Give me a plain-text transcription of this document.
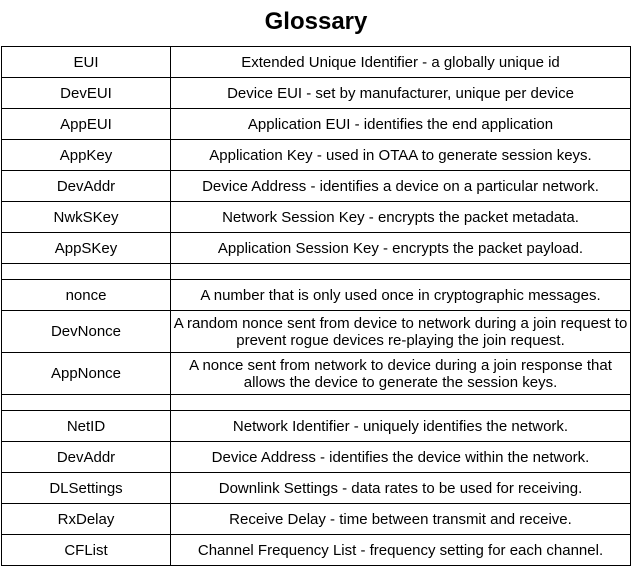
Glossary
EUI	Extended Unique Identifier - a globally unique id
DevEUI	Device EUI - set by manufacturer, unique per device
AppEUI	Application EUI - identifies the end application
AppKey	Application Key - used in OTAA to generate session keys.
DevAddr	Device Address - identifies a device on a particular network.
NwkSKey	Network Session Key - encrypts the packet metadata.
AppSKey	Application Session Key - encrypts the packet payload.

nonce	A number that is only used once in cryptographic messages.
DevNonce	A random nonce sent from device to network during a join request to prevent rogue devices re-playing the join request.
AppNonce	A nonce sent from network to device during a join response that allows the device to generate the session keys.

NetID	Network Identifier - uniquely identifies the network.
DevAddr	Device Address - identifies the device within the network.
DLSettings	Downlink Settings - data rates to be used for receiving.
RxDelay	Receive Delay - time between transmit and receive.
CFList	Channel Frequency List - frequency setting for each channel.
